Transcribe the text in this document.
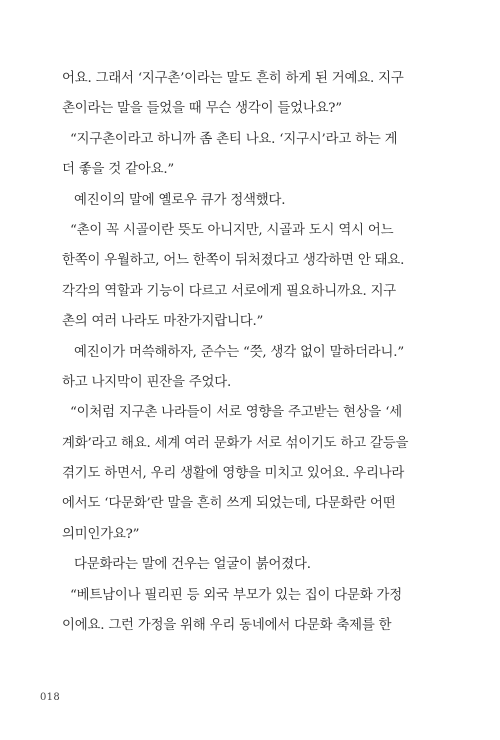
어요. 그래서 ‘지구촌’이라는 말도 흔히 하게 된 거예요. 지구
촌이라는 말을 들었을 때 무슨 생각이 들었나요?”
“지구촌이라고 하니까 좀 촌티 나요. ‘지구시’라고 하는 게
더 좋을 것 같아요.”
예진이의 말에 옐로우 큐가 정색했다.
“촌이 꼭 시골이란 뜻도 아니지만, 시골과 도시 역시 어느
한쪽이 우월하고, 어느 한쪽이 뒤처졌다고 생각하면 안 돼요.
각각의 역할과 기능이 다르고 서로에게 필요하니까요. 지구
촌의 여러 나라도 마찬가지랍니다.”
예진이가 머쓱해하자, 준수는 “쯧, 생각 없이 말하더라니.”
하고 나지막이 핀잔을 주었다.
“이처럼 지구촌 나라들이 서로 영향을 주고받는 현상을 ‘세
계화’라고 해요. 세계 여러 문화가 서로 섞이기도 하고 갈등을
겪기도 하면서, 우리 생활에 영향을 미치고 있어요. 우리나라
에서도 ‘다문화’란 말을 흔히 쓰게 되었는데, 다문화란 어떤
의미인가요?”
다문화라는 말에 건우는 얼굴이 붉어졌다.
“베트남이나 필리핀 등 외국 부모가 있는 집이 다문화 가정
이에요. 그런 가정을 위해 우리 동네에서 다문화 축제를 한
018
